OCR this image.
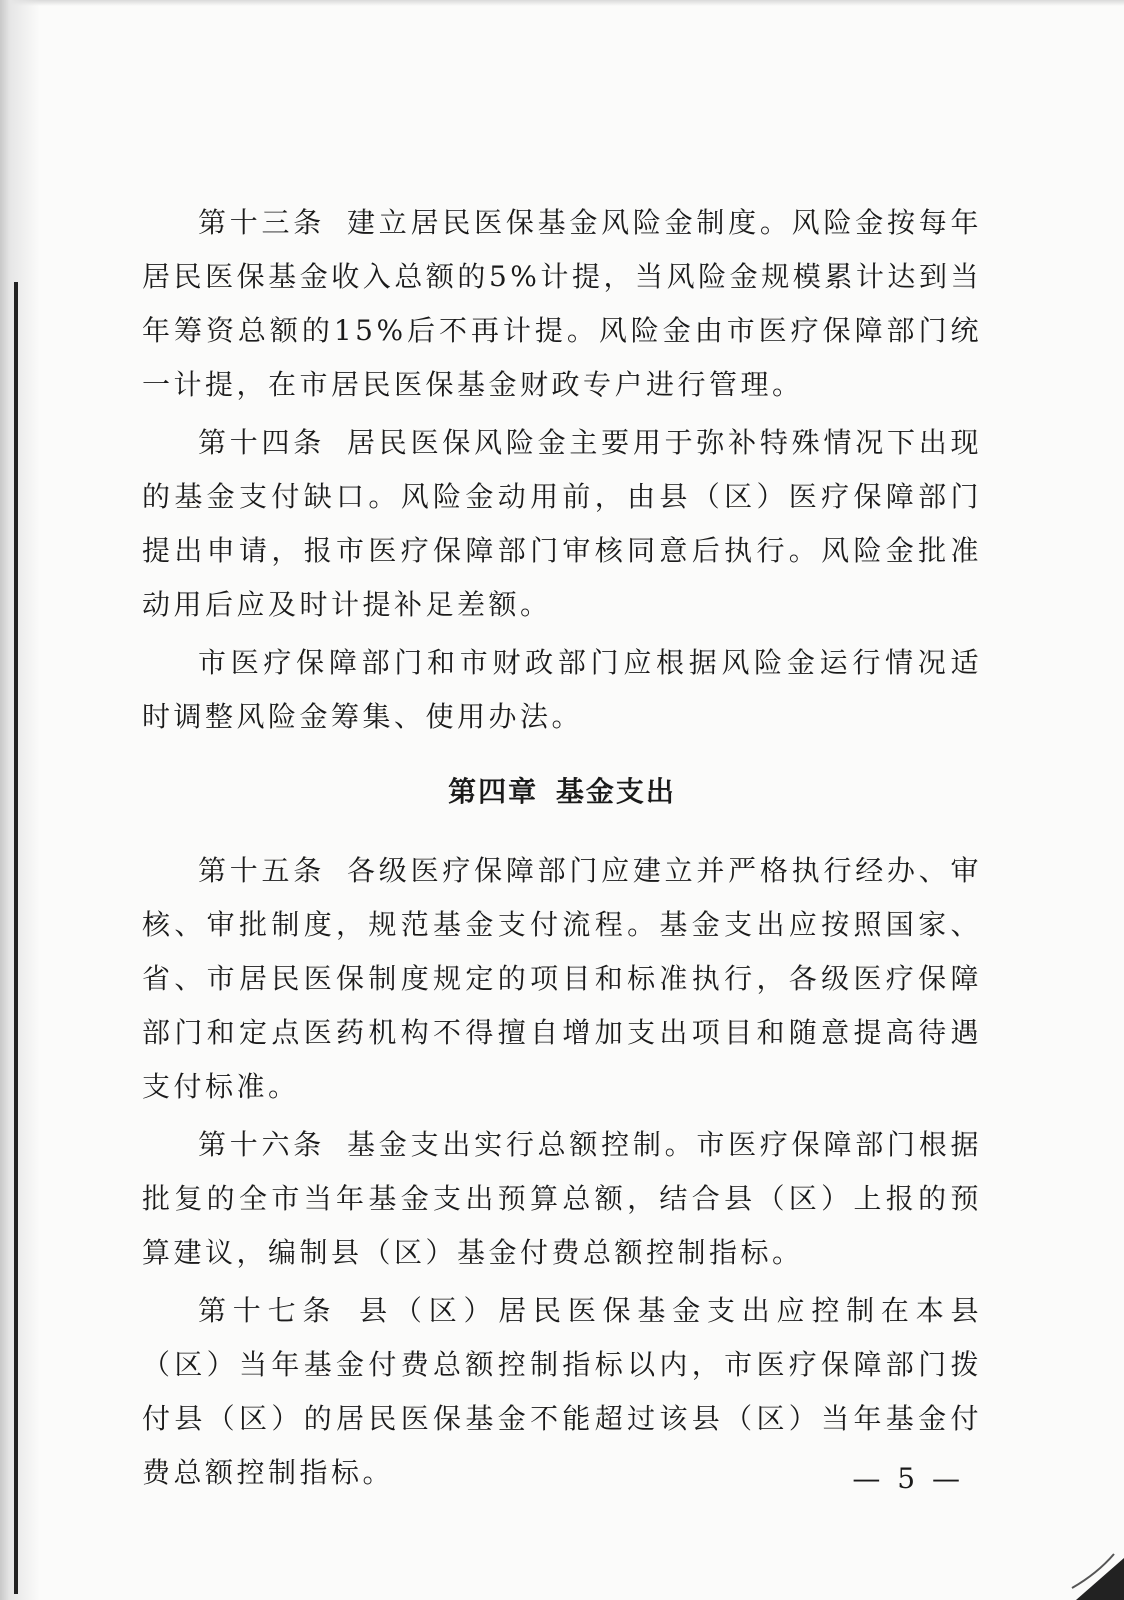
第十三条 建立居民医保基金风险金制度。风险金按每年居民医保基金收入总额的5%计提，当风险金规模累计达到当年筹资总额的15%后不再计提。风险金由市医疗保障部门统一计提，在市居民医保基金财政专户进行管理。

第十四条 居民医保风险金主要用于弥补特殊情况下出现的基金支付缺口。风险金动用前，由县（区）医疗保障部门提出申请，报市医疗保障部门审核同意后执行。风险金批准动用后应及时计提补足差额。

市医疗保障部门和市财政部门应根据风险金运行情况适时调整风险金筹集、使用办法。

第四章 基金支出

第十五条 各级医疗保障部门应建立并严格执行经办、审核、审批制度，规范基金支付流程。基金支出应按照国家、省、市居民医保制度规定的项目和标准执行，各级医疗保障部门和定点医药机构不得擅自增加支出项目和随意提高待遇支付标准。

第十六条 基金支出实行总额控制。市医疗保障部门根据批复的全市当年基金支出预算总额，结合县（区）上报的预算建议，编制县（区）基金付费总额控制指标。

第十七条 县（区）居民医保基金支出应控制在本县（区）当年基金付费总额控制指标以内，市医疗保障部门拨付县（区）的居民医保基金不能超过该县（区）当年基金付费总额控制指标。	— 5 —
